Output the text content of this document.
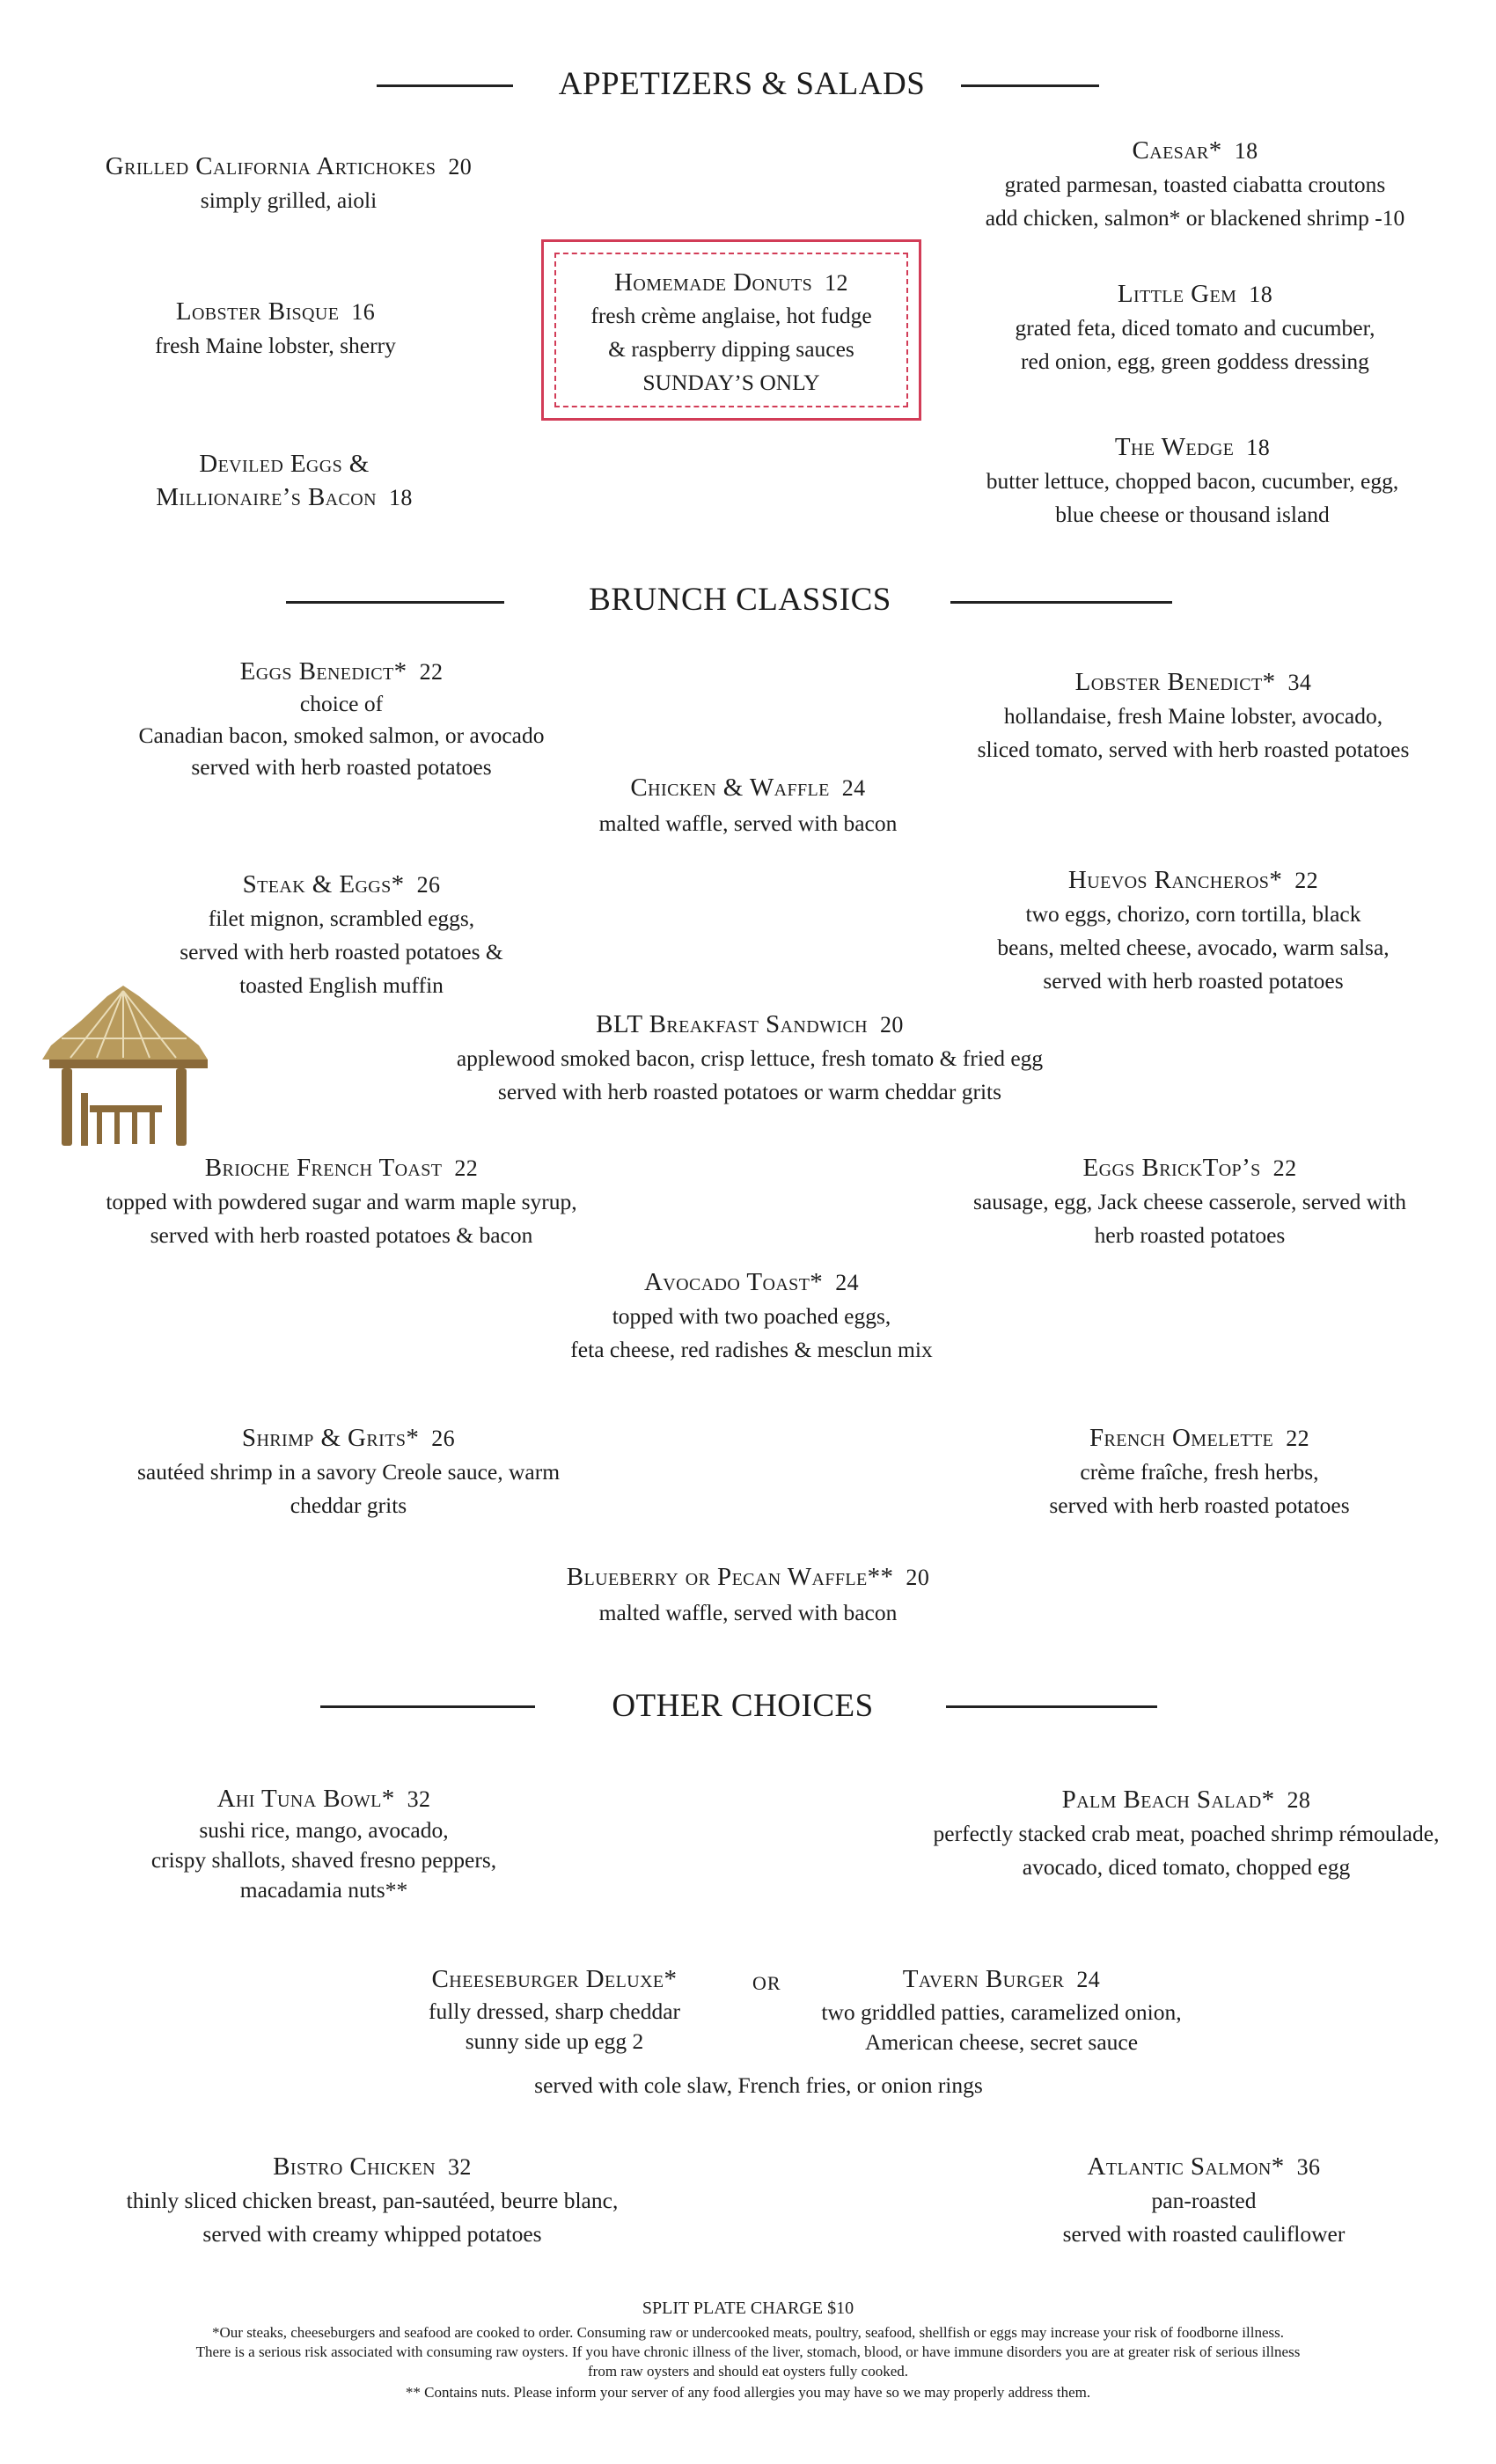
APPETIZERS & SALADS
Grilled California Artichokes 20
simply grilled, aioli
Lobster Bisque 16
fresh Maine lobster, sherry
Deviled Eggs &
Millionaire’s Bacon 18
Homemade Donuts 12
fresh crème anglaise, hot fudge
& raspberry dipping sauces
SUNDAY’S ONLY
Caesar* 18
grated parmesan, toasted ciabatta croutons
add chicken, salmon* or blackened shrimp -10
Little Gem 18
grated feta, diced tomato and cucumber,
red onion, egg, green goddess dressing
The Wedge 18
butter lettuce, chopped bacon, cucumber, egg,
blue cheese or thousand island
BRUNCH CLASSICS
Eggs Benedict* 22
choice of
Canadian bacon, smoked salmon, or avocado
served with herb roasted potatoes
Lobster Benedict* 34
hollandaise, fresh Maine lobster, avocado,
sliced tomato, served with herb roasted potatoes
Chicken & Waffle 24
malted waffle, served with bacon
Steak & Eggs* 26
filet mignon, scrambled eggs,
served with herb roasted potatoes &
toasted English muffin
Huevos Rancheros* 22
two eggs, chorizo, corn tortilla, black
beans, melted cheese, avocado, warm salsa,
served with herb roasted potatoes
BLT Breakfast Sandwich 20
applewood smoked bacon, crisp lettuce, fresh tomato & fried egg
served with herb roasted potatoes or warm cheddar grits
Brioche French Toast 22
topped with powdered sugar and warm maple syrup,
served with herb roasted potatoes & bacon
Eggs BrickTop’s 22
sausage, egg, Jack cheese casserole, served with
herb roasted potatoes
Avocado Toast* 24
topped with two poached eggs,
feta cheese, red radishes & mesclun mix
Shrimp & Grits* 26
sautéed shrimp in a savory Creole sauce, warm
cheddar grits
French Omelette 22
crème fraîche, fresh herbs,
served with herb roasted potatoes
Blueberry or Pecan Waffle** 20
malted waffle, served with bacon
OTHER CHOICES
Ahi Tuna Bowl* 32
sushi rice, mango, avocado,
crispy shallots, shaved fresno peppers,
macadamia nuts**
Palm Beach Salad* 28
perfectly stacked crab meat, poached shrimp rémoulade,
avocado, diced tomato, chopped egg
Cheeseburger Deluxe*
fully dressed, sharp cheddar
sunny side up egg 2
OR	Tavern Burger 24
two griddled patties, caramelized onion,
American cheese, secret sauce
served with cole slaw, French fries, or onion rings
Bistro Chicken 32
thinly sliced chicken breast, pan-sautéed, beurre blanc,
served with creamy whipped potatoes
Atlantic Salmon* 36
pan-roasted
served with roasted cauliflower
SPLIT PLATE CHARGE $10
*Our steaks, cheeseburgers and seafood are cooked to order. Consuming raw or undercooked meats, poultry, seafood, shellfish or eggs may increase your risk of foodborne illness.
There is a serious risk associated with consuming raw oysters. If you have chronic illness of the liver, stomach, blood, or have immune disorders you are at greater risk of serious illness
from raw oysters and should eat oysters fully cooked.
** Contains nuts. Please inform your server of any food allergies you may have so we may properly address them.
